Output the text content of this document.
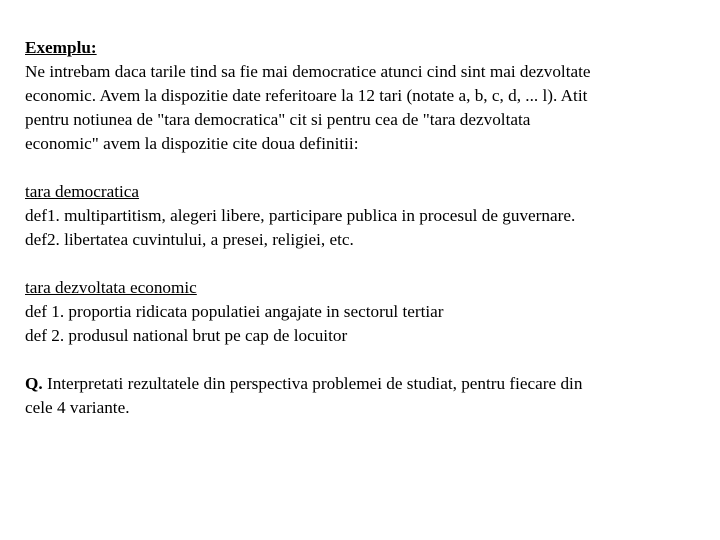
Exemplu:

Ne intrebam daca tarile tind sa fie mai democratice atunci cind sint mai dezvoltate

economic. Avem la dispozitie date referitoare la 12 tari (notate a, b, c, d, ... l). Atit

pentru notiunea de "tara democratica" cit si pentru cea de "tara dezvoltata

economic" avem la dispozitie cite doua definitii:

tara democratica

def1. multipartitism, alegeri libere, participare publica in procesul de guvernare.

def2. libertatea cuvintului, a presei, religiei, etc.

tara dezvoltata economic

def 1. proportia ridicata populatiei angajate in sectorul tertiar

def 2. produsul national brut pe cap de locuitor

Q. Interpretati rezultatele din perspectiva problemei de studiat, pentru fiecare din

cele 4 variante.
